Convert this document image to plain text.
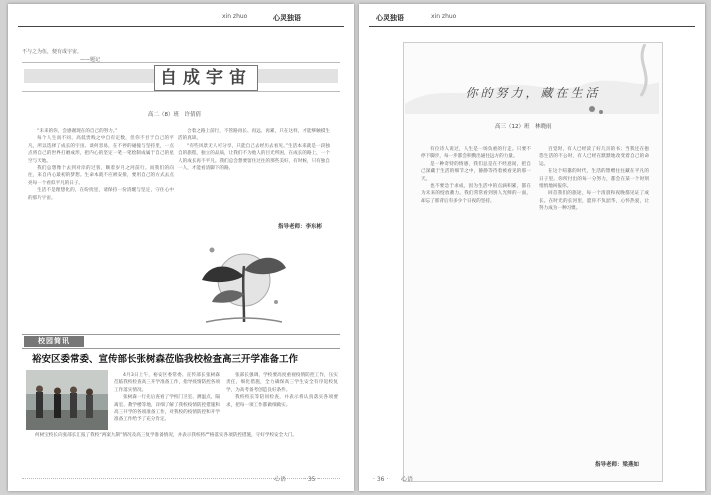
xin zhuo	心灵独语
不与之为伍，便有成宇宙。
——题记
自成宇宙
高二（8）班　许倩倩

“未来的你，会感谢现在的自己的努力。”

每个人生而不同，高低贵贱之中自有定数，但你不甘于自己的平凡，所以选择了成长的宇宙。谈何容易，在不停的碰撞与坚持里，一点点将自己的世界打磨成形，把内心的坚定一笔一笔绘制成属于自己的星空与天地。

我们总想像个去到对岸的过客，顺着岁月之河前行。而我们的向往，来自内心最初的梦想。生命本就不应被安排，要用自己的方式去点亮每一个看似平凡的日子。

生活不是理想化的，在纷扰里，请保持一份清醒与坚定，守住心中的那片宇宙。

合着之路上前行，不管路再长、再远、再累，只在这样，才能够触摸生活的真谛。

“有些风景无人可分享，只能自己去经历去看见。”生活本来就是一段独自的旅程，独立的品质，让我们不为他人的目光所困，在成长的路上，一个人的成长再不平凡。我们总会想要留住过往的那些美好，有时候，只有独自一人，才能看清脚下的路。

指导老师：李东彬
校园简讯
裕安区委常委、宣传部长张树森莅临我校检查高三开学准备工作

4月3日上午，裕安区委常委、宣传部长张树森莅临我校检查高三开学准备工作，指导疫情防控各项工作落实情况。

张树森一行先后查看了学校门卫室、测温点、隔离室、教学楼等地，详细了解了我校疫情防控措施和高三开学的各项准备工作，对我校的疫情防控和开学准备工作给予了充分肯定。

张部长强调，学校要高度重视疫情防控工作，压实责任，细化措施，全力确保高三学生安全有序返校复学，为高考备考创造良好条件。

我校校长等陪同检查，并表示将认真落实各项要求，把每一项工作都做细做实。

何树宝校长向张部长汇报了我校“两案九制”情况及高三复学准备情况，并表示我校将严格落实各项防控措施，守好学校安全大门。

心语	· 35 ·
心灵独语	xin zhuo
你的努力，藏在生活
高三（12）班　林晓雨

有位诗人说过，人生是一场负重的行走。只要不停下脚步，每一步都会积攒出通往远方的力量。

是一种奇特的情感，我们总是在不经意间，把自己深藏于生活的细节之中，静静等待着被看见的那一天。

也不要急于求成，因为生活中的点滴积累，都在为未来的绽放蓄力。我们常常看到别人光鲜的一面，却忘了那背后有多少个日夜的坚持。

百觉时，有人已经读了好几页的书；当我还在抱怨生活的不公时，有人已经在默默地改变着自己的命运。

在这个喧嚣的时代，生活的馈赠往往藏在平凡的日子里。你所付出的每一分努力，都会在某一个时刻悄悄地回报你。

回首我们的旅途，每一个清晨和夜晚都见证了成长。在时光的长河里，愿你不负韶华，心怀热爱，让努力成为一种习惯。

指导老师：梁燕如
· 36 · 心语
